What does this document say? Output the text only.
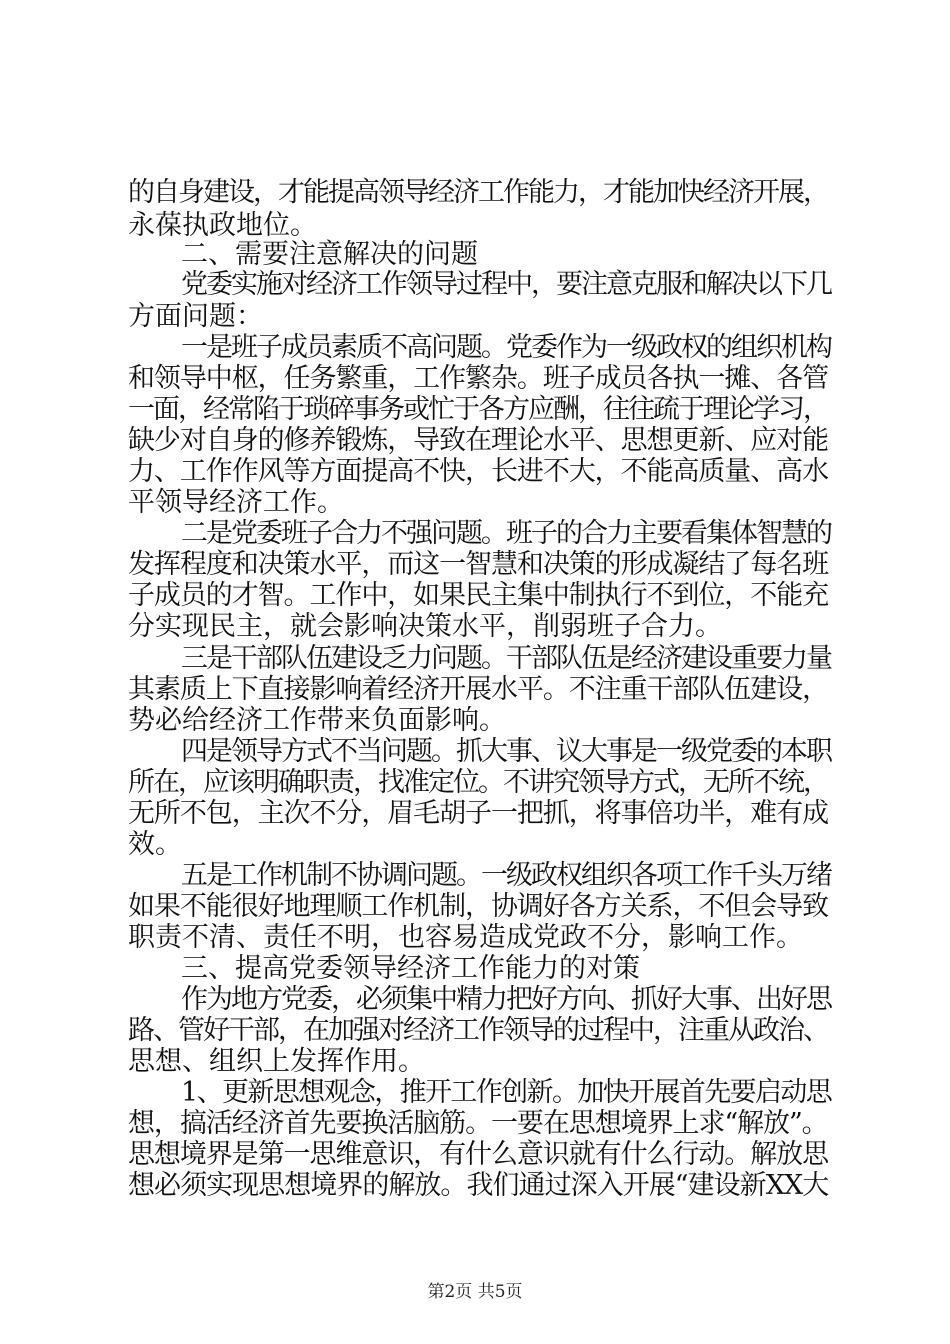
的自身建设，才能提高领导经济工作能力，才能加快经济开展，
永葆执政地位。
二、需要注意解决的问题
党委实施对经济工作领导过程中，要注意克服和解决以下几
方面问题：
一是班子成员素质不高问题。党委作为一级政权的组织机构
和领导中枢，任务繁重，工作繁杂。班子成员各执一摊、各管
一面，经常陷于琐碎事务或忙于各方应酬，往往疏于理论学习，
缺少对自身的修养锻炼，导致在理论水平、思想更新、应对能
力、工作作风等方面提高不快，长进不大，不能高质量、高水
平领导经济工作。
二是党委班子合力不强问题。班子的合力主要看集体智慧的
发挥程度和决策水平，而这一智慧和决策的形成凝结了每名班
子成员的才智。工作中，如果民主集中制执行不到位，不能充
分实现民主，就会影响决策水平，削弱班子合力。
三是干部队伍建设乏力问题。干部队伍是经济建设重要力量
其素质上下直接影响着经济开展水平。不注重干部队伍建设，
势必给经济工作带来负面影响。
四是领导方式不当问题。抓大事、议大事是一级党委的本职
所在，应该明确职责，找准定位。不讲究领导方式，无所不统，
无所不包，主次不分，眉毛胡子一把抓，将事倍功半，难有成
效。
五是工作机制不协调问题。一级政权组织各项工作千头万绪
如果不能很好地理顺工作机制，协调好各方关系，不但会导致
职责不清、责任不明，也容易造成党政不分，影响工作。
三、提高党委领导经济工作能力的对策
作为地方党委，必须集中精力把好方向、抓好大事、出好思
路、管好干部，在加强对经济工作领导的过程中，注重从政治、
思想、组织上发挥作用。
1、更新思想观念，推开工作创新。加快开展首先要启动思
想，搞活经济首先要换活脑筋。一要在思想境界上求“解放”。
思想境界是第一思维意识，有什么意识就有什么行动。解放思
想必须实现思想境界的解放。我们通过深入开展“建设新XX大
第2页 共5页
